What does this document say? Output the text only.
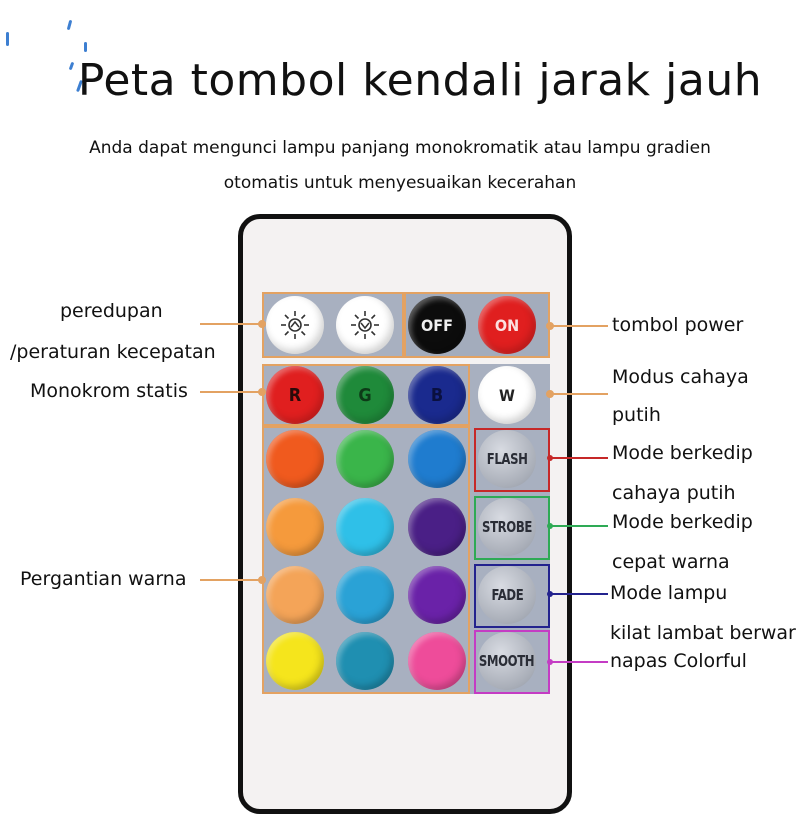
Peta tombol kendali jarak jauh
Anda dapat mengunci lampu panjang monokromatik atau lampu gradien
otomatis untuk menyesuaikan kecerahan
OFF	ON
R	G	B	W
FLASH
STROBE
FADE
SMOOTH
peredupan
/peraturan kecepatan
Monokrom statis
Pergantian warna
tombol power
Modus cahaya
putih
Mode berkedip
cahaya putih
Mode berkedip
cepat warna
Mode lampu
kilat lambat berwar
napas Colorful
